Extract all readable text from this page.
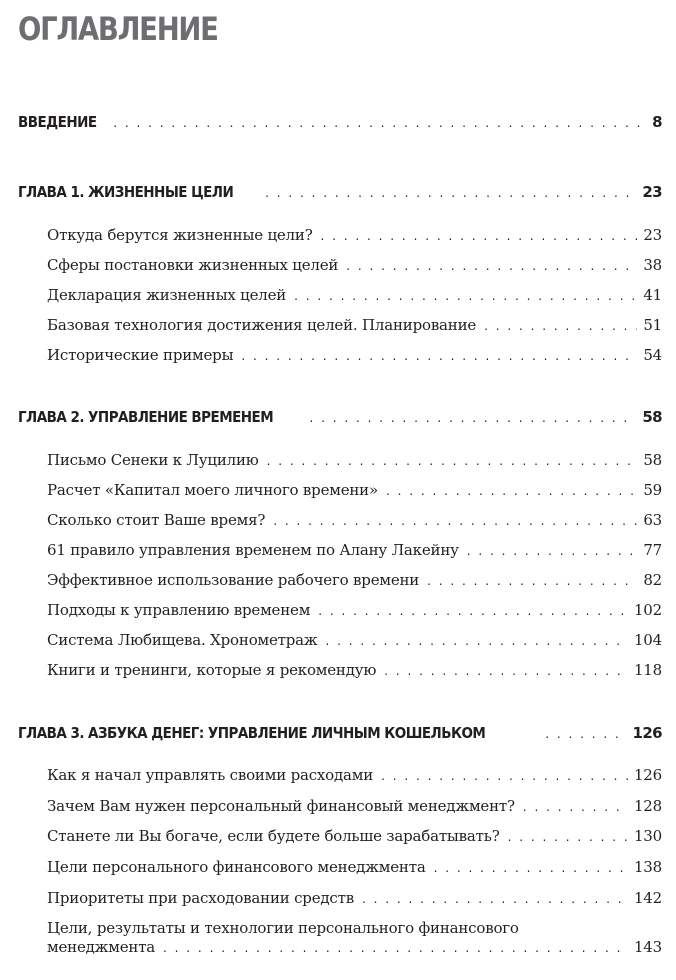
ОГЛАВЛЕНИЕ
ВВЕДЕНИЕ . . .	8
ГЛАВА 1. ЖИЗНЕННЫЕ ЦЕЛИ . . .	23
Откуда берутся жизненные цели? . . .	23
Сферы постановки жизненных целей . . .	38
Декларация жизненных целей . . .	41
Базовая технология достижения целей. Планирование . . .	51
Исторические примеры . . .	54
ГЛАВА 2. УПРАВЛЕНИЕ ВРЕМЕНЕМ . . .	58
Письмо Сенеки к Луцилию . . .	58
Расчет «Капитал моего личного времени» . . .	59
Сколько стоит Ваше время? . . .	63
61 правило управления временем по Алану Лакейну . . .	77
Эффективное использование рабочего времени . . .	82
Подходы к управлению временем . . .	102
Система Любищева. Хронометраж . . .	104
Книги и тренинги, которые я рекомендую . . .	118
ГЛАВА 3. АЗБУКА ДЕНЕГ: УПРАВЛЕНИЕ ЛИЧНЫМ КОШЕЛЬКОМ . . .	126
Как я начал управлять своими расходами . . .	126
Зачем Вам нужен персональный финансовый менеджмент? . . .	128
Станете ли Вы богаче, если будете больше зарабатывать? . . .	130
Цели персонального финансового менеджмента . . .	138
Приоритеты при расходовании средств . . .	142
Цели, результаты и технологии персонального финансового
менеджмента . . .	143
